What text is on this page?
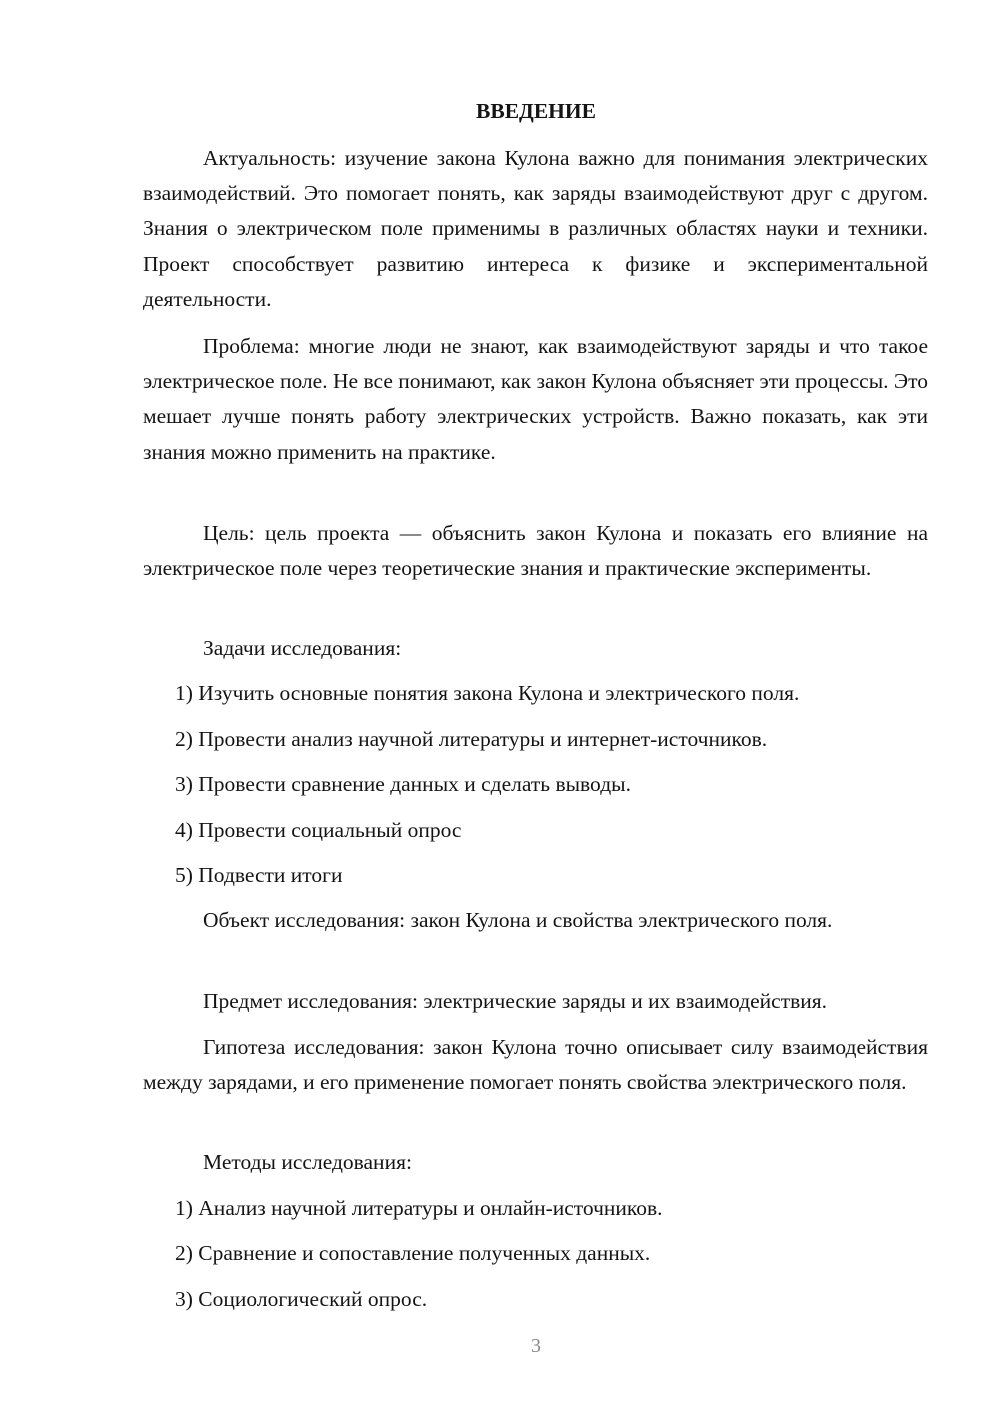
ВВЕДЕНИЕ

Актуальность: изучение закона Кулона важно для понимания электрических взаимодействий. Это помогает понять, как заряды взаимодействуют друг с другом. Знания о электрическом поле применимы в различных областях науки и техники. Проект способствует развитию интереса к физике и экспериментальной деятельности.

Проблема: многие люди не знают, как взаимодействуют заряды и что такое электрическое поле. Не все понимают, как закон Кулона объясняет эти процессы. Это мешает лучше понять работу электрических устройств. Важно показать, как эти знания можно применить на практике.

Цель: цель проекта — объяснить закон Кулона и показать его влияние на электрическое поле через теоретические знания и практические эксперименты.

Задачи исследования:

1) Изучить основные понятия закона Кулона и электрического поля.

2) Провести анализ научной литературы и интернет-источников.

3) Провести сравнение данных и сделать выводы.

4) Провести социальный опрос

5) Подвести итоги

Объект исследования: закон Кулона и свойства электрического поля.

Предмет исследования: электрические заряды и их взаимодействия.

Гипотеза исследования: закон Кулона точно описывает силу взаимодействия между зарядами, и его применение помогает понять свойства электрического поля.

Методы исследования:

1) Анализ научной литературы и онлайн-источников.

2) Сравнение и сопоставление полученных данных.

3) Социологический опрос.

3
